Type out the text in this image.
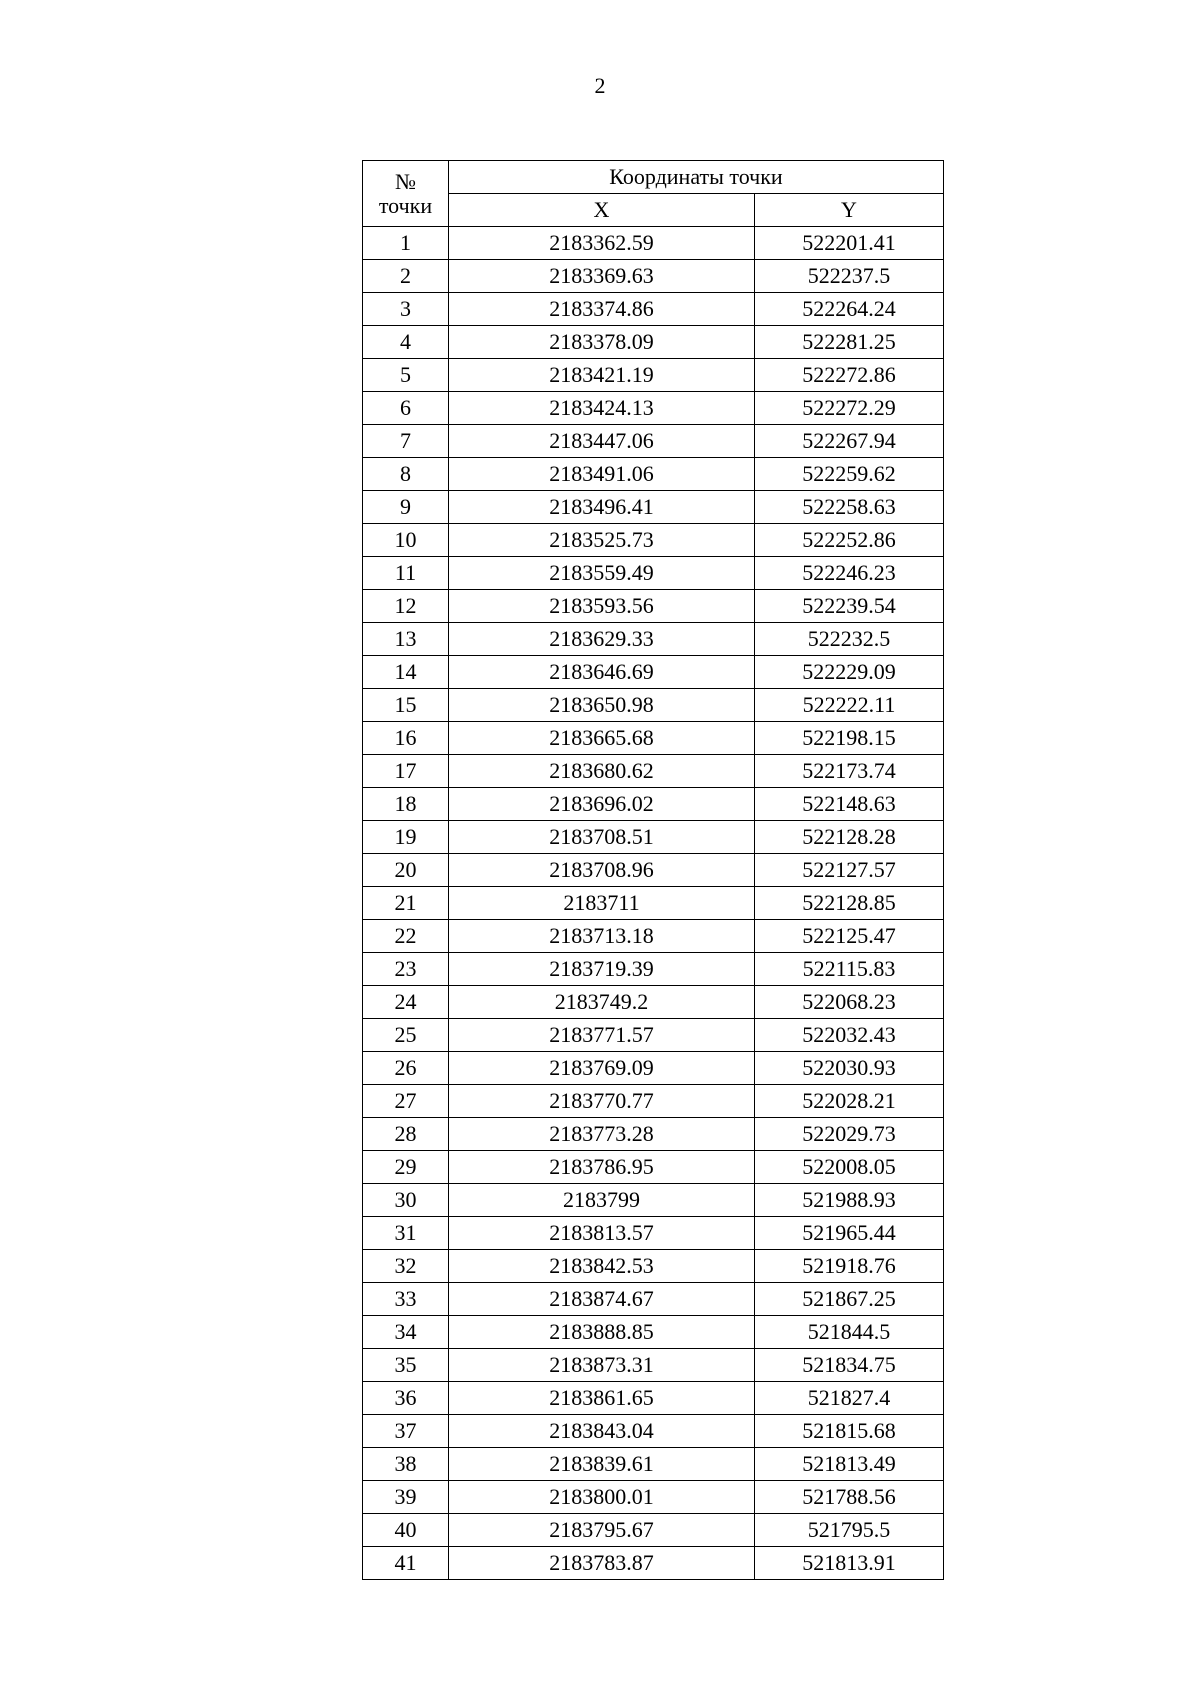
2
№
точки	Координаты точки	
	X	Y
1	2183362.59	522201.41
2	2183369.63	522237.5
3	2183374.86	522264.24
4	2183378.09	522281.25
5	2183421.19	522272.86
6	2183424.13	522272.29
7	2183447.06	522267.94
8	2183491.06	522259.62
9	2183496.41	522258.63
10	2183525.73	522252.86
11	2183559.49	522246.23
12	2183593.56	522239.54
13	2183629.33	522232.5
14	2183646.69	522229.09
15	2183650.98	522222.11
16	2183665.68	522198.15
17	2183680.62	522173.74
18	2183696.02	522148.63
19	2183708.51	522128.28
20	2183708.96	522127.57
21	2183711	522128.85
22	2183713.18	522125.47
23	2183719.39	522115.83
24	2183749.2	522068.23
25	2183771.57	522032.43
26	2183769.09	522030.93
27	2183770.77	522028.21
28	2183773.28	522029.73
29	2183786.95	522008.05
30	2183799	521988.93
31	2183813.57	521965.44
32	2183842.53	521918.76
33	2183874.67	521867.25
34	2183888.85	521844.5
35	2183873.31	521834.75
36	2183861.65	521827.4
37	2183843.04	521815.68
38	2183839.61	521813.49
39	2183800.01	521788.56
40	2183795.67	521795.5
41	2183783.87	521813.91
